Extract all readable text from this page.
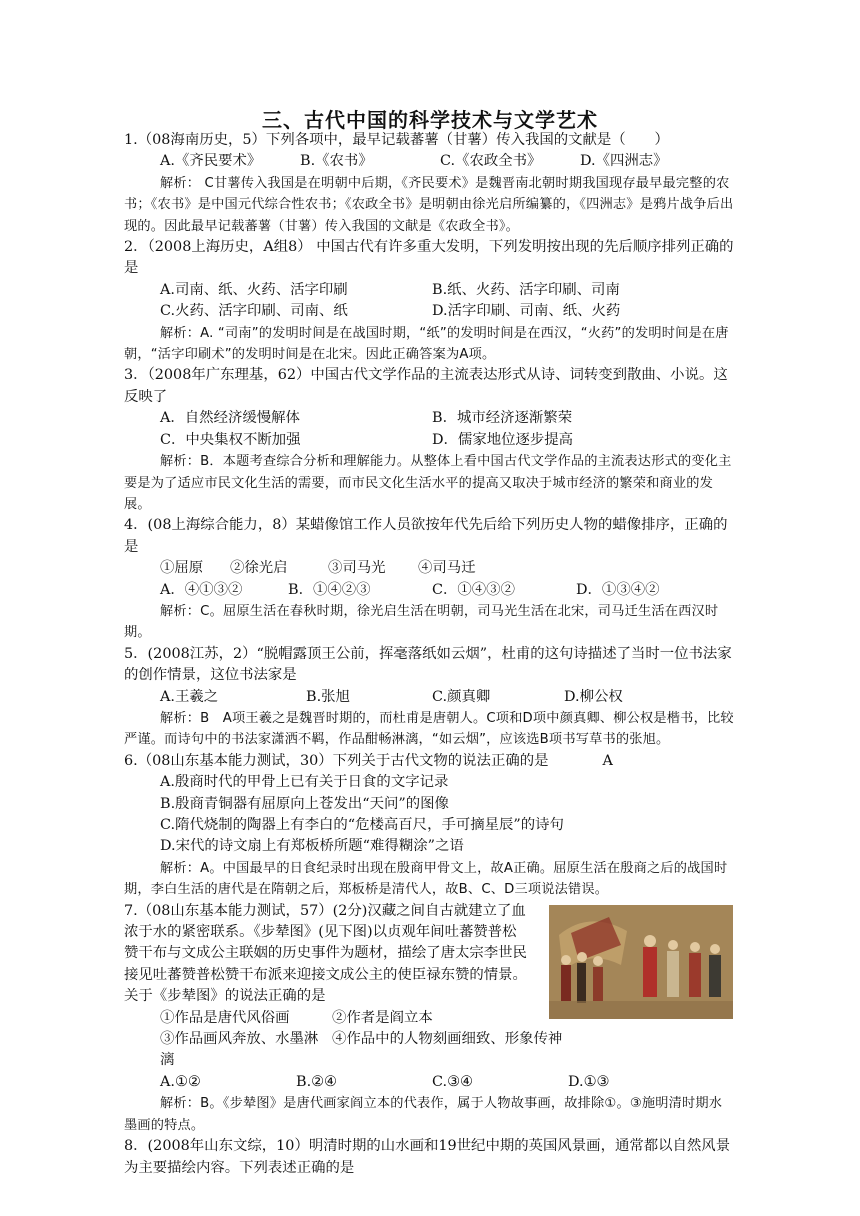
三、古代中国的科学技术与文学艺术

1.（08海南历史，5）下列各项中，最早记载蕃薯（甘薯）传入我国的文献是（　　）

A.《齐民要术》	B.《农书》	C.《农政全书》	D.《四洲志》

解析： C甘薯传入我国是在明朝中后期，《齐民要术》是魏晋南北朝时期我国现存最早最完整的农书；《农书》是中国元代综合性农书；《农政全书》是明朝由徐光启所编纂的，《四洲志》是鸦片战争后出现的。因此最早记载蕃薯（甘薯）传入我国的文献是《农政全书》。

2．（2008上海历史，A组8） 中国古代有许多重大发明，下列发明按出现的先后顺序排列正确的是

A.司南、纸、火药、活字印刷	B.纸、火药、活字印刷、司南
C.火药、活字印刷、司南、纸	D.活字印刷、司南、纸、火药

解析：A. “司南”的发明时间是在战国时期，“纸”的发明时间是在西汉，“火药”的发明时间是在唐朝，“活字印刷术”的发明时间是在北宋。因此正确答案为A项。

3．（2008年广东理基，62）中国古代文学作品的主流表达形式从诗、词转变到散曲、小说。这反映了

A．自然经济缓慢解体	B．城市经济逐渐繁荣
C．中央集权不断加强	D．儒家地位逐步提高

解析：B．本题考查综合分析和理解能力。从整体上看中国古代文学作品的主流表达形式的变化主要是为了适应市民文化生活的需要，而市民文化生活水平的提高又取决于城市经济的繁荣和商业的发展。

4．(08上海综合能力，8）某蜡像馆工作人员欲按年代先后给下列历史人物的蜡像排序，正确的是

①屈原	②徐光启	③司马光	④司马迁
A．④①③②	B．①④②③	C．①④③②	D．①③④②

解析：C。屈原生活在春秋时期，徐光启生活在明朝，司马光生活在北宋，司马迁生活在西汉时期。

5．(2008江苏，2）“脱帽露顶王公前，挥毫落纸如云烟”，杜甫的这句诗描述了当时一位书法家的创作情景，这位书法家是

A.王羲之	B.张旭	C.颜真卿	D.柳公权

解析：B　A项王羲之是魏晋时期的，而杜甫是唐朝人。C项和D项中颜真卿、柳公权是楷书，比较严谨。而诗句中的书法家潇洒不羁，作品酣畅淋漓，“如云烟”，应该选B项书写草书的张旭。

6.（08山东基本能力测试，30）下列关于古代文物的说法正确的是	A

A.殷商时代的甲骨上已有关于日食的文字记录

B.殷商青铜器有屈原向上苍发出“天问”的图像

C.隋代烧制的陶器上有李白的“危楼高百尺，手可摘星辰”的诗句

D.宋代的诗文扇上有郑板桥所题“难得糊涂”之语

解析：A。中国最早的日食纪录时出现在殷商甲骨文上，故A正确。屈原生活在殷商之后的战国时期，李白生活的唐代是在隋朝之后，郑板桥是清代人，故B、C、D三项说法错误。

7.（08山东基本能力测试，57）(2分)汉藏之间自古就建立了血浓于水的紧密联系。《步辇图》(见下图)以贞观年间吐蕃赞普松赞干布与文成公主联姻的历史事件为题材，描绘了唐太宗李世民接见吐蕃赞普松赞干布派来迎接文成公主的使臣禄东赞的情景。关于《步辇图》的说法正确的是

①作品是唐代风俗画	②作者是阎立本
③作品画风奔放、水墨淋漓
④作品中的人物刻画细致、形象传神
A.①②	B.②④	C.③④	D.①③

解析：B。《步辇图》是唐代画家阎立本的代表作，属于人物故事画，故排除①。③施明清时期水墨画的特点。

8．(2008年山东文综，10）明清时期的山水画和19世纪中期的英国风景画，通常都以自然风景为主要描绘内容。下列表述正确的是
